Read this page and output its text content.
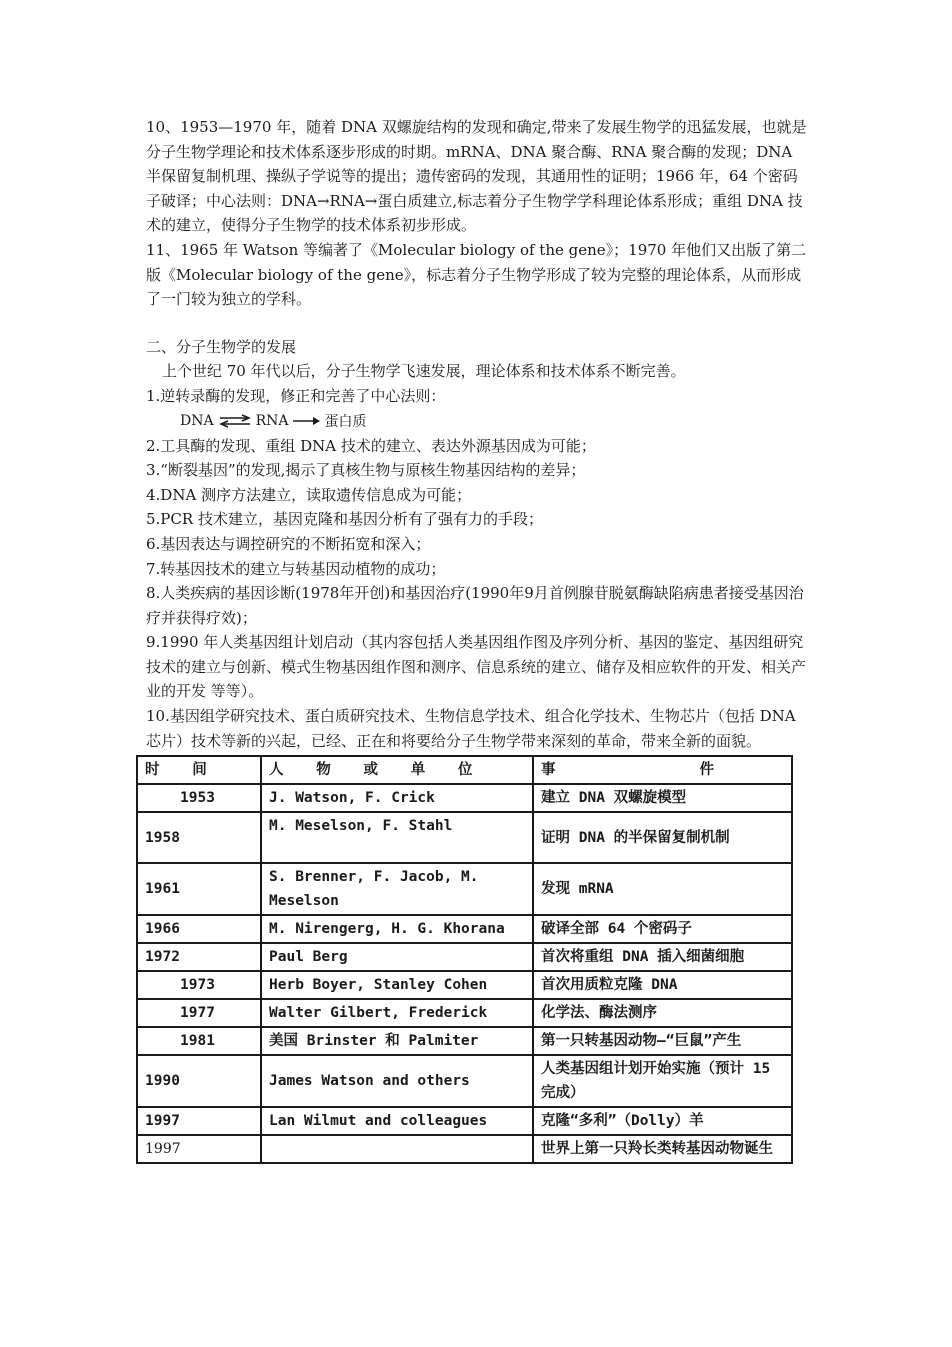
10、1953—1970 年，随着 DNA 双螺旋结构的发现和确定,带来了发展生物学的迅猛发展，也就是分子生物学理论和技术体系逐步形成的时期。mRNA、DNA 聚合酶、RNA 聚合酶的发现；DNA 半保留复制机理、操纵子学说等的提出；遗传密码的发现，其通用性的证明；1966 年，64 个密码子破译；中心法则：DNA→RNA→蛋白质建立,标志着分子生物学学科理论体系形成；重组 DNA 技术的建立，使得分子生物学的技术体系初步形成。

11、1965 年 Watson 等编著了《Molecular biology of the gene》；1970 年他们又出版了第二版《Molecular biology of the gene》，标志着分子生物学形成了较为完整的理论体系，从而形成了一门较为独立的学科。

二、分子生物学的发展

上个世纪 70 年代以后，分子生物学飞速发展，理论体系和技术体系不断完善。

1.逆转录酶的发现，修正和完善了中心法则：

DNA ⇌ RNA	蛋白质

2.工具酶的发现、重组 DNA 技术的建立、表达外源基因成为可能；

3.“断裂基因”的发现,揭示了真核生物与原核生物基因结构的差异；

4.DNA 测序方法建立，读取遗传信息成为可能；

5.PCR 技术建立，基因克隆和基因分析有了强有力的手段；

6.基因表达与调控研究的不断拓宽和深入；

7.转基因技术的建立与转基因动植物的成功；

8.人类疾病的基因诊断(1978年开创)和基因治疗(1990年9月首例腺苷脱氨酶缺陷病患者接受基因治疗并获得疗效)；

9.1990 年人类基因组计划启动（其内容包括人类基因组作图及序列分析、基因的鉴定、基因组研究技术的建立与创新、模式生物基因组作图和测序、信息系统的建立、储存及相应软件的开发、相关产业的开发 等等）。

10.基因组学研究技术、蛋白质研究技术、生物信息学技术、组合化学技术、生物芯片（包括 DNA 芯片）技术等新的兴起，已经、正在和将要给分子生物学带来深刻的革命，带来全新的面貌。

时 间	人 物 或 单 位	事 件

1953	J. Watson, F. Crick	建立 DNA 双螺旋模型
1958	M. Meselson, F. Stahl	证明 DNA 的半保留复制机制
1961	S. Brenner, F. Jacob, M. Meselson	发现 mRNA
1966	M. Nirengerg, H. G. Khorana	破译全部 64 个密码子
1972	Paul Berg	首次将重组 DNA 插入细菌细胞
1973	Herb Boyer, Stanley Cohen	首次用质粒克隆 DNA
1977	Walter Gilbert, Frederick	化学法、酶法测序
1981	美国 Brinster 和 Palmiter	第一只转基因动物—“巨鼠”产生
1990	James Watson and others	人类基因组计划开始实施（预计 15 完成）
1997	Lan Wilmut and colleagues	克隆“多利”（Dolly）羊
1997		世界上第一只羚长类转基因动物诞生
